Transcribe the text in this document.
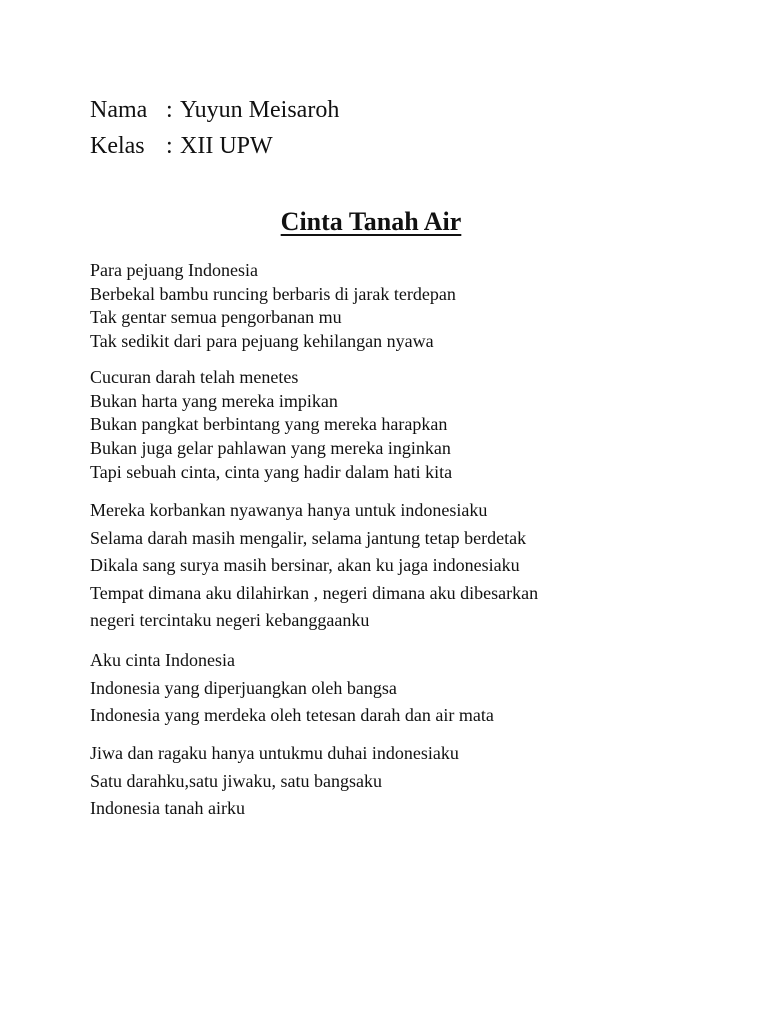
Nama : Yuyun Meisaroh
Kelas : XII UPW
Cinta Tanah Air
Para pejuang Indonesia
Berbekal bambu runcing berbaris di jarak terdepan
Tak gentar semua pengorbanan mu
Tak sedikit dari para pejuang kehilangan nyawa
Cucuran darah telah menetes
Bukan harta yang mereka impikan
Bukan pangkat berbintang yang mereka harapkan
Bukan juga gelar pahlawan yang mereka inginkan
Tapi sebuah cinta, cinta yang hadir dalam hati kita
Mereka korbankan nyawanya hanya untuk indonesiaku
Selama darah masih mengalir, selama jantung tetap berdetak
Dikala sang surya masih bersinar, akan ku jaga indonesiaku
Tempat dimana aku dilahirkan , negeri dimana aku dibesarkan
negeri tercintaku negeri kebanggaanku
Aku cinta Indonesia
Indonesia yang diperjuangkan oleh bangsa
Indonesia yang merdeka oleh tetesan darah dan air mata
Jiwa dan ragaku hanya untukmu duhai indonesiaku
Satu darahku,satu jiwaku, satu bangsaku
Indonesia tanah airku
